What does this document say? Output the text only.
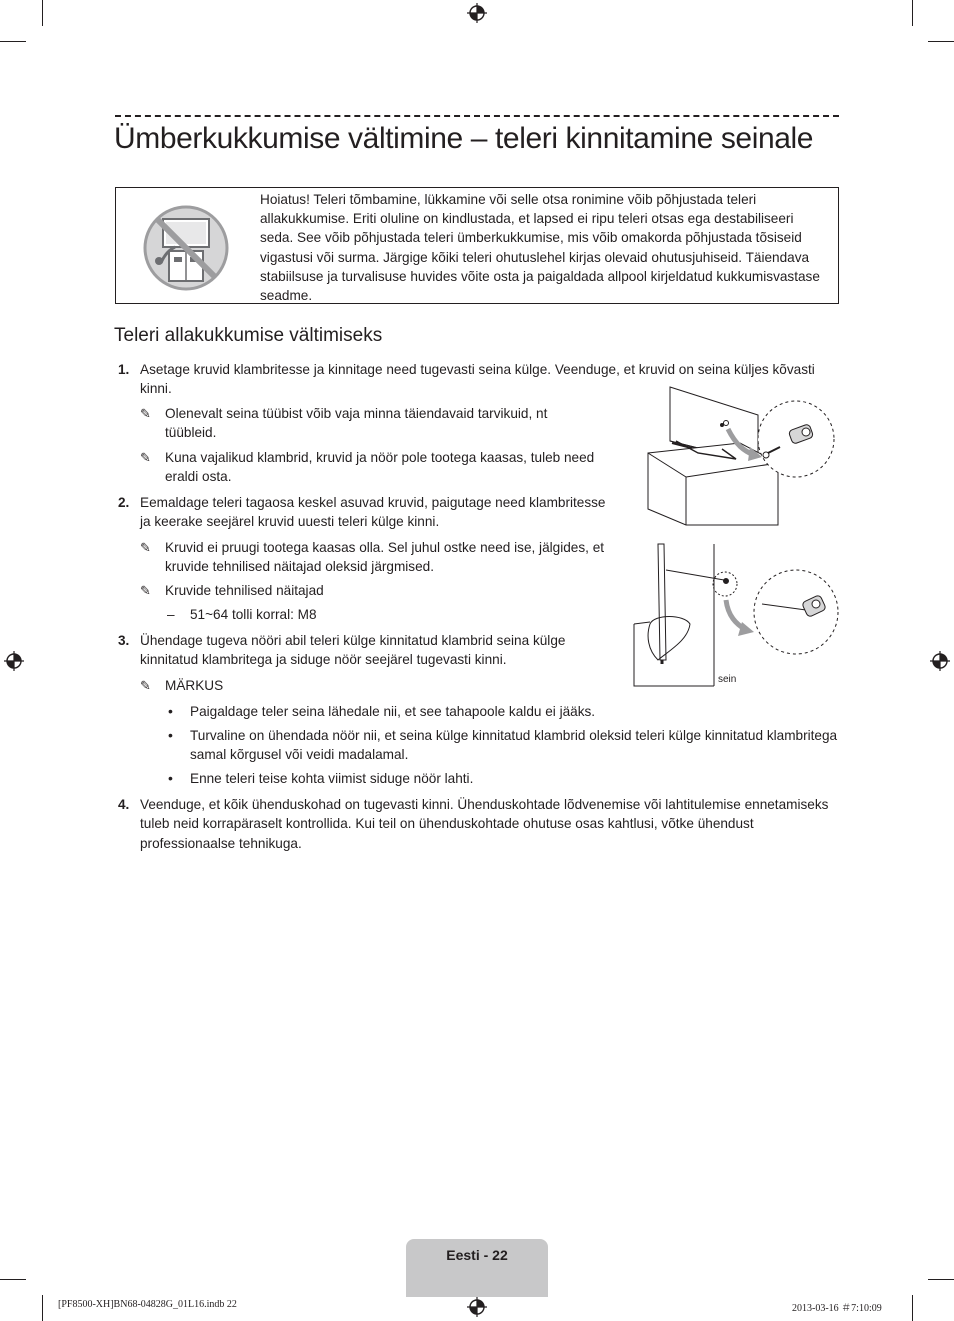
Ümberkukkumise vältimine – teleri kinnitamine seinale
Hoiatus! Teleri tõmbamine, lükkamine või selle otsa ronimine võib põhjustada teleri allakukkumise. Eriti oluline on kindlustada, et lapsed ei ripu teleri otsas ega destabiliseeri seda. See võib põhjustada teleri ümberkukkumise, mis võib omakorda põhjustada tõsiseid vigastusi või surma. Järgige kõiki teleri ohutuslehel kirjas olevaid ohutusjuhiseid. Täiendava stabiilsuse ja turvalisuse huvides võite osta ja paigaldada allpool kirjeldatud kukkumisvastase seadme.
Teleri allakukkumise vältimiseks
1. Asetage kruvid klambritesse ja kinnitage need tugevasti seina külge. Veenduge, et kruvid on seina küljes kõvasti kinni.
✎ Olenevalt seina tüübist võib vaja minna täiendavaid tarvikuid, nt tüübleid.
✎ Kuna vajalikud klambrid, kruvid ja nöör pole tootega kaasas, tuleb need eraldi osta.
2. Eemaldage teleri tagaosa keskel asuvad kruvid, paigutage need klambritesse ja keerake seejärel kruvid uuesti teleri külge kinni.
✎ Kruvid ei pruugi tootega kaasas olla. Sel juhul ostke need ise, jälgides, et kruvide tehnilised näitajad oleksid järgmised.
✎ Kruvide tehnilised näitajad
– 51~64 tolli korral: M8
3. Ühendage tugeva nööri abil teleri külge kinnitatud klambrid seina külge kinnitatud klambritega ja siduge nöör seejärel tugevasti kinni.
✎ MÄRKUS
• Paigaldage teler seina lähedale nii, et see tahapoole kaldu ei jääks.
• Turvaline on ühendada nöör nii, et seina külge kinnitatud klambrid oleksid teleri külge kinnitatud klambritega samal kõrgusel või veidi madalamal.
• Enne teleri teise kohta viimist siduge nöör lahti.
4. Veenduge, et kõik ühenduskohad on tugevasti kinni. Ühenduskohtade lõdvenemise või lahtitulemise ennetamiseks tuleb neid korrapäraselt kontrollida. Kui teil on ühenduskohtade ohutuse osas kahtlusi, võtke ühendust professionaalse tehnikuga.
sein
Eesti - 22
[PF8500-XH]BN68-04828G_01L16.indb 22	2013-03-16 ＃7:10:09
